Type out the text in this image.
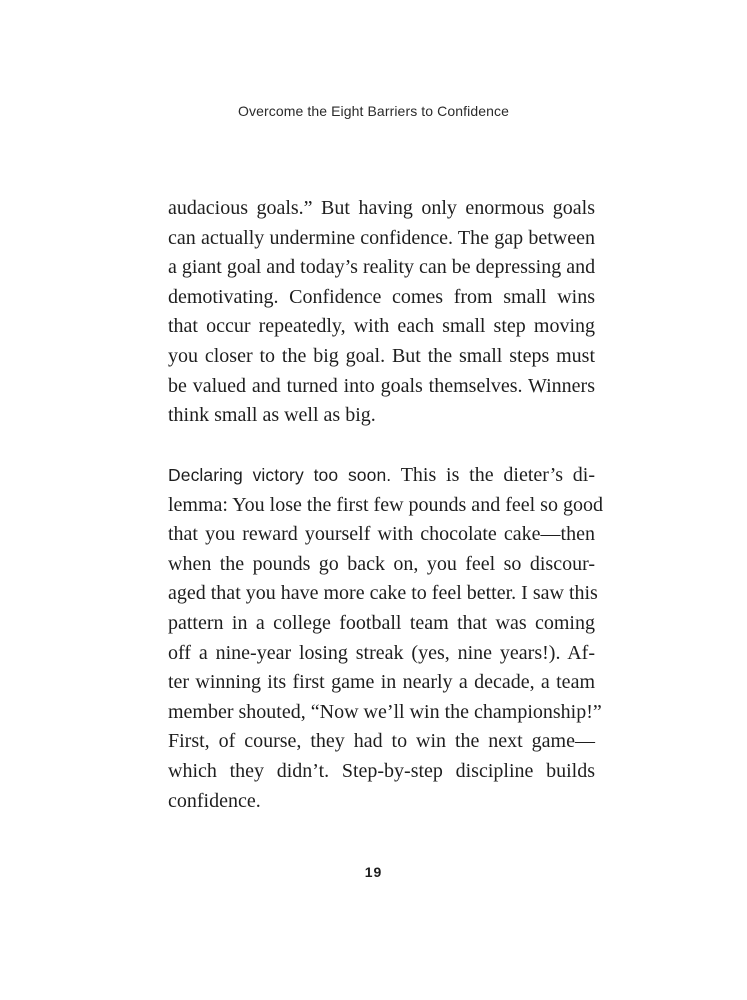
Overcome the Eight Barriers to Confidence
audacious goals.” But having only enormous goals
can actually undermine confidence. The gap between
a giant goal and today’s reality can be depressing and
demotivating. Confidence comes from small wins
that occur repeatedly, with each small step moving
you closer to the big goal. But the small steps must
be valued and turned into goals themselves. Winners
think small as well as big.
Declaring victory too soon. This is the dieter’s di-
lemma: You lose the first few pounds and feel so good
that you reward yourself with chocolate cake—then
when the pounds go back on, you feel so discour-
aged that you have more cake to feel better. I saw this
pattern in a college football team that was coming
off a nine-year losing streak (yes, nine years!). Af-
ter winning its first game in nearly a decade, a team
member shouted, “Now we’ll win the championship!”
First, of course, they had to win the next game—
which they didn’t. Step-by-step discipline builds
confidence.
19
